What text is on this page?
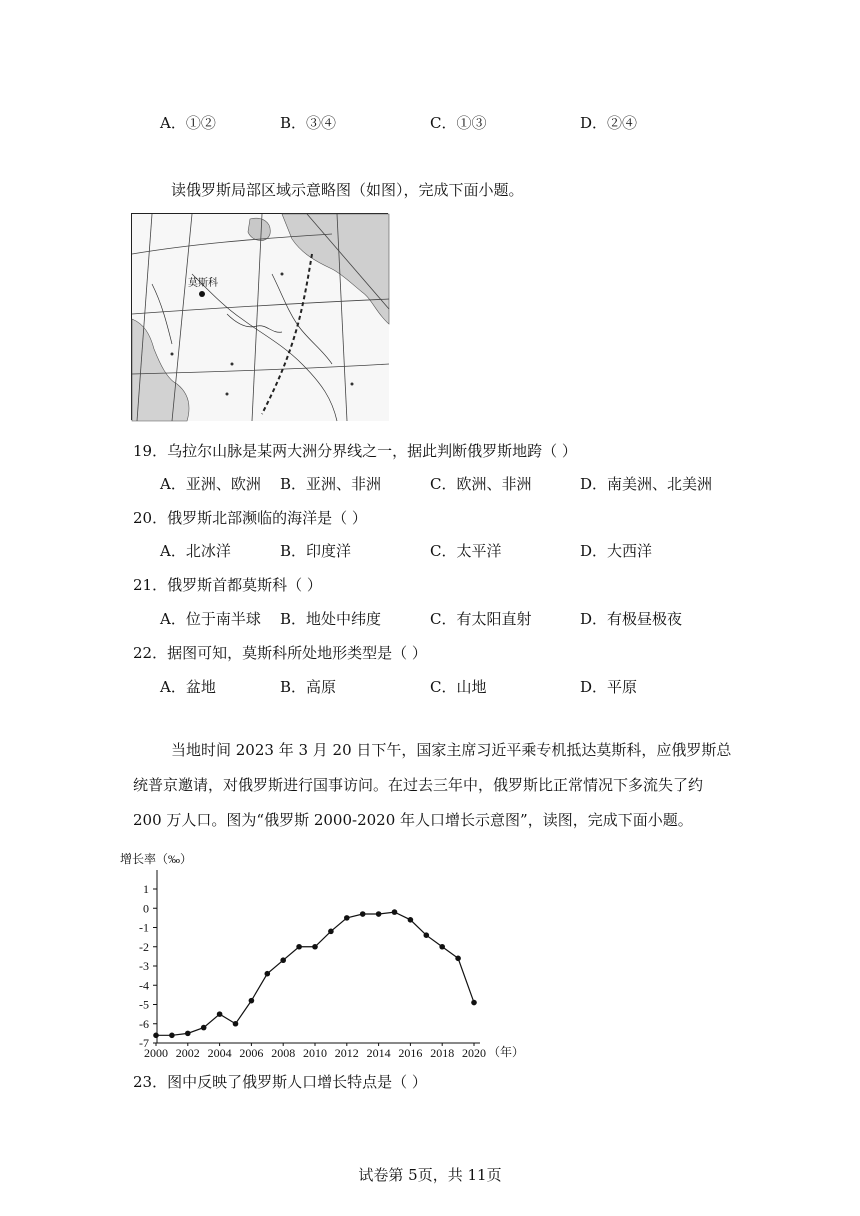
A．①②	B．③④	C．①③	D．②④
读俄罗斯局部区域示意略图（如图），完成下面小题。
莫斯科
19．乌拉尔山脉是某两大洲分界线之一，据此判断俄罗斯地跨（ ）
A．亚洲、欧洲 B．亚洲、非洲	C．欧洲、非洲	D．南美洲、北美洲
20．俄罗斯北部濒临的海洋是（ ）
A．北冰洋	B．印度洋	C．太平洋	D．大西洋
21．俄罗斯首都莫斯科（ ）
A．位于南半球 B．地处中纬度	C．有太阳直射	D．有极昼极夜
22．据图可知，莫斯科所处地形类型是（ ）
A．盆地	B．高原	C．山地	D．平原
当地时间 2023 年 3 月 20 日下午，国家主席习近平乘专机抵达莫斯科，应俄罗斯总统普京邀请，对俄罗斯进行国事访问。在过去三年中，俄罗斯比正常情况下多流失了约 200 万人口。图为“俄罗斯 2000-2020 年人口增长示意图”，读图，完成下面小题。
1
0
-1
-2
-3
-4
-5
-6
-7
2000 2002 2004 2006 2008 2010 2012 2014 2016 2018 2020
增长率（‰）
（年）
23．图中反映了俄罗斯人口增长特点是（ ）
试卷第 5页，共 11页
